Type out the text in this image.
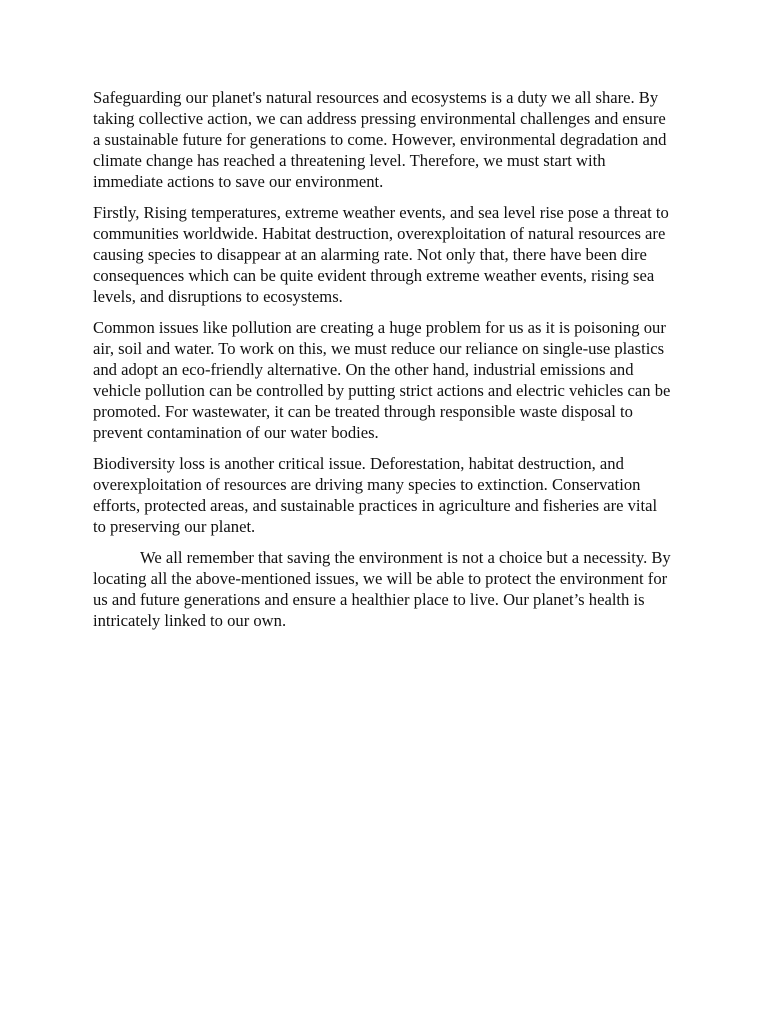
Safeguarding our planet's natural resources and ecosystems is a duty we all share. By taking collective action, we can address pressing environmental challenges and ensure a sustainable future for generations to come. However, environmental degradation and climate change has reached a threatening level. Therefore, we must start with immediate actions to save our environment.

Firstly, Rising temperatures, extreme weather events, and sea level rise pose a threat to communities worldwide. Habitat destruction, overexploitation of natural resources are causing species to disappear at an alarming rate. Not only that, there have been dire consequences which can be quite evident through extreme weather events, rising sea levels, and disruptions to ecosystems.

Common issues like pollution are creating a huge problem for us as it is poisoning our air, soil and water. To work on this, we must reduce our reliance on single-use plastics and adopt an eco-friendly alternative. On the other hand, industrial emissions and vehicle pollution can be controlled by putting strict actions and electric vehicles can be promoted. For wastewater, it can be treated through responsible waste disposal to prevent contamination of our water bodies.

Biodiversity loss is another critical issue. Deforestation, habitat destruction, and overexploitation of resources are driving many species to extinction. Conservation efforts, protected areas, and sustainable practices in agriculture and fisheries are vital to preserving our planet.

We all remember that saving the environment is not a choice but a necessity. By locating all the above-mentioned issues, we will be able to protect the environment for us and future generations and ensure a healthier place to live. Our planet’s health is intricately linked to our own.
